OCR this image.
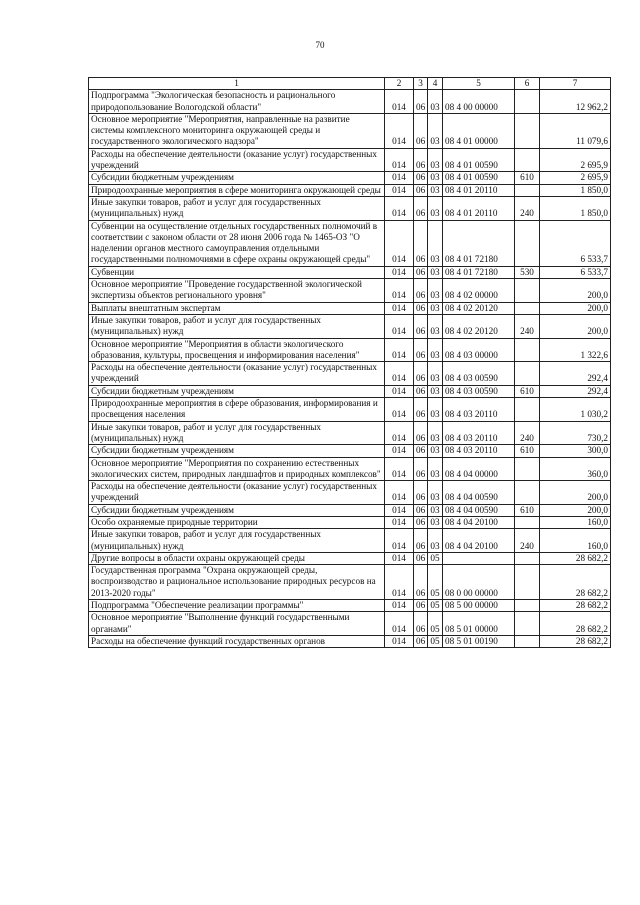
70
1	2	3	4	5	6	7
Подпрограмма "Экологическая безопасность и рационального природопользование Вологодской области"	014	06	03	08 4 00 00000		12 962,2
Основное мероприятие "Мероприятия, направленные на развитие системы комплексного мониторинга окружающей среды и государственного экологического надзора"	014	06	03	08 4 01 00000		11 079,6
Расходы на обеспечение деятельности (оказание услуг) государственных учреждений	014	06	03	08 4 01 00590		2 695,9
Субсидии бюджетным учреждениям	014	06	03	08 4 01 00590	610	2 695,9
Природоохранные мероприятия в сфере мониторинга окружающей среды	014	06	03	08 4 01 20110		1 850,0
Иные закупки товаров, работ и услуг для государственных (муниципальных) нужд	014	06	03	08 4 01 20110	240	1 850,0
Субвенции на осуществление отдельных государственных полномочий в соответствии с законом области от 28 июня 2006 года № 1465-ОЗ "О наделении органов местного самоуправления отдельными государственными полномочиями в сфере охраны окружающей среды"	014	06	03	08 4 01 72180		6 533,7
Субвенции	014	06	03	08 4 01 72180	530	6 533,7
Основное мероприятие "Проведение государственной экологической экспертизы объектов регионального уровня"	014	06	03	08 4 02 00000		200,0
Выплаты внештатным экспертам	014	06	03	08 4 02 20120		200,0
Иные закупки товаров, работ и услуг для государственных (муниципальных) нужд	014	06	03	08 4 02 20120	240	200,0
Основное мероприятие "Мероприятия в области экологического образования, культуры, просвещения и информирования населения"	014	06	03	08 4 03 00000		1 322,6
Расходы на обеспечение деятельности (оказание услуг) государственных учреждений	014	06	03	08 4 03 00590		292,4
Субсидии бюджетным учреждениям	014	06	03	08 4 03 00590	610	292,4
Природоохранные мероприятия в сфере образования, информирования и просвещения населения	014	06	03	08 4 03 20110		1 030,2
Иные закупки товаров, работ и услуг для государственных (муниципальных) нужд	014	06	03	08 4 03 20110	240	730,2
Субсидии бюджетным учреждениям	014	06	03	08 4 03 20110	610	300,0
Основное мероприятие "Мероприятия по сохранению естественных экологических систем, природных ландшафтов и природных комплексов"	014	06	03	08 4 04 00000		360,0
Расходы на обеспечение деятельности (оказание услуг) государственных учреждений	014	06	03	08 4 04 00590		200,0
Субсидии бюджетным учреждениям	014	06	03	08 4 04 00590	610	200,0
Особо охраняемые природные территории	014	06	03	08 4 04 20100		160,0
Иные закупки товаров, работ и услуг для государственных (муниципальных) нужд	014	06	03	08 4 04 20100	240	160,0
Другие вопросы в области охраны окружающей среды	014	06	05			28 682,2
Государственная программа "Охрана окружающей среды, воспроизводство и рациональное использование природных ресурсов на 2013-2020 годы"	014	06	05	08 0 00 00000		28 682,2
Подпрограмма "Обеспечение реализации программы"	014	06	05	08 5 00 00000		28 682,2
Основное мероприятие "Выполнение функций государственными органами"	014	06	05	08 5 01 00000		28 682,2
Расходы на обеспечение функций государственных органов	014	06	05	08 5 01 00190		28 682,2
